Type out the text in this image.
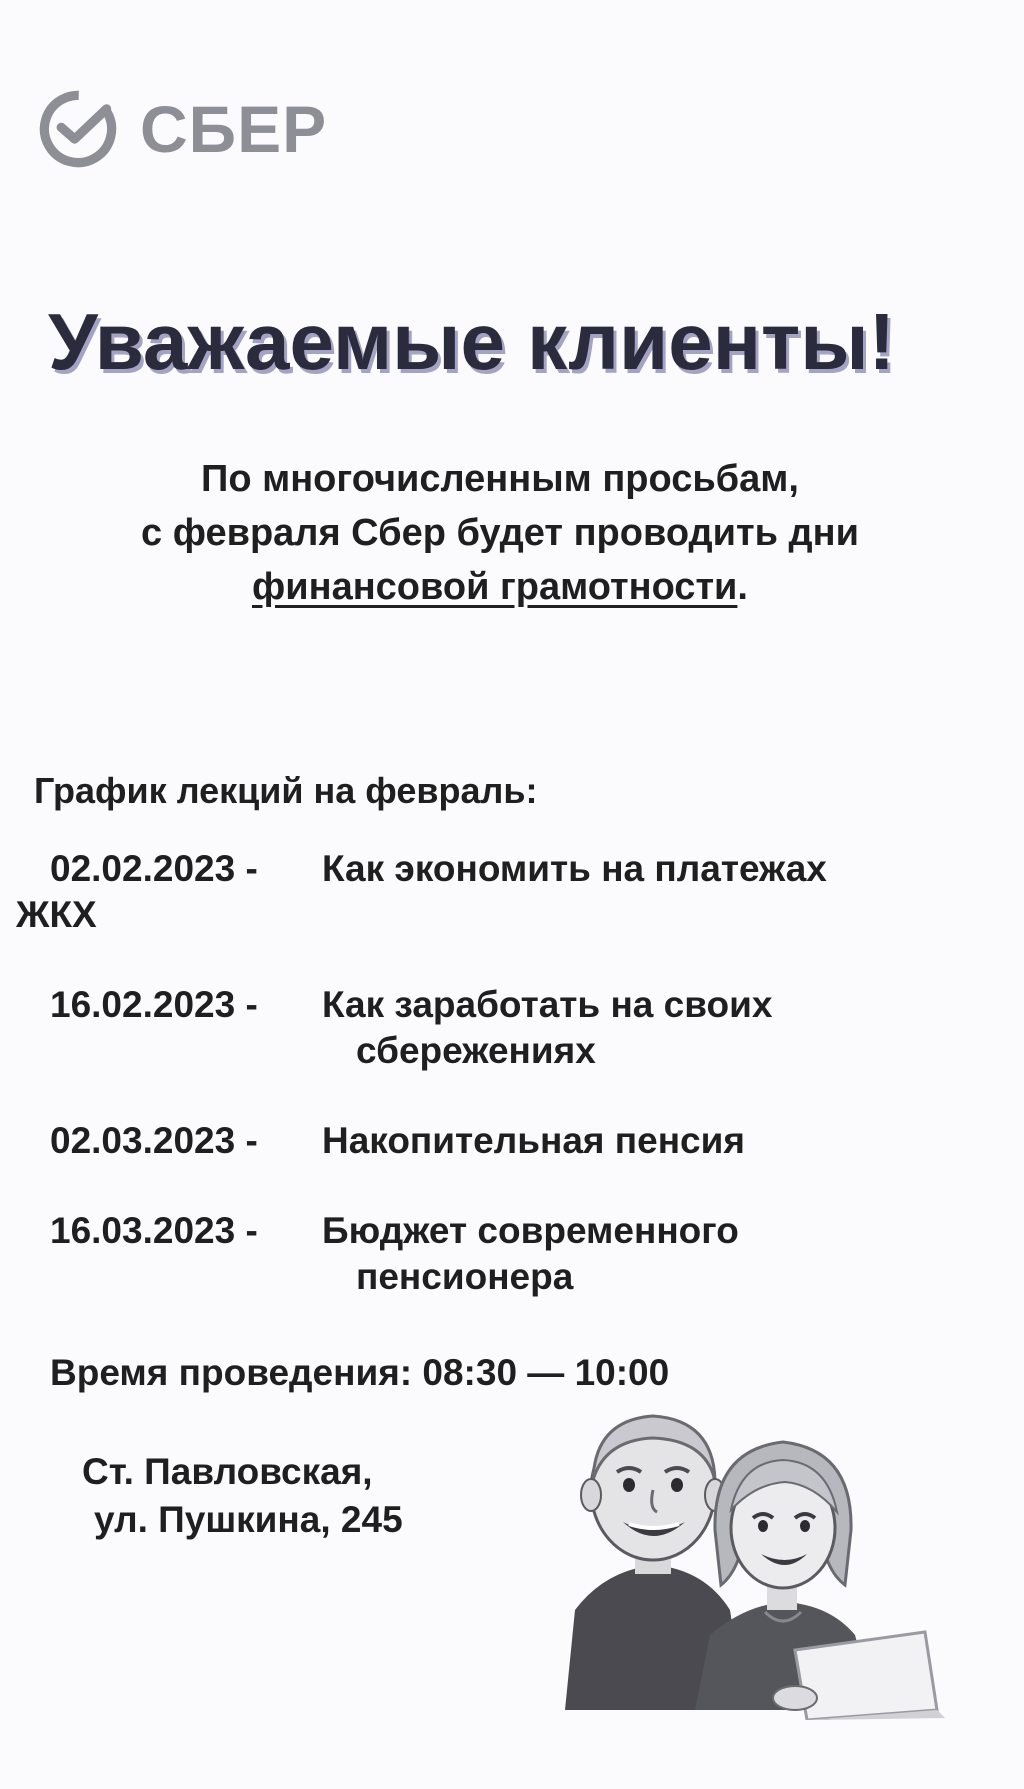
СБЕР
Уважаемые клиенты!
По многочисленным просьбам,
с февраля Сбер будет проводить дни
финансовой грамотности.
График лекций на февраль:
02.02.2023 - Как экономить на платежах
ЖКХ
16.02.2023 - Как заработать на своих
сбережениях
02.03.2023 - Накопительная пенсия
16.03.2023 - Бюджет современного
пенсионера
Время проведения: 08:30 — 10:00
Ст. Павловская,
ул. Пушкина, 245
